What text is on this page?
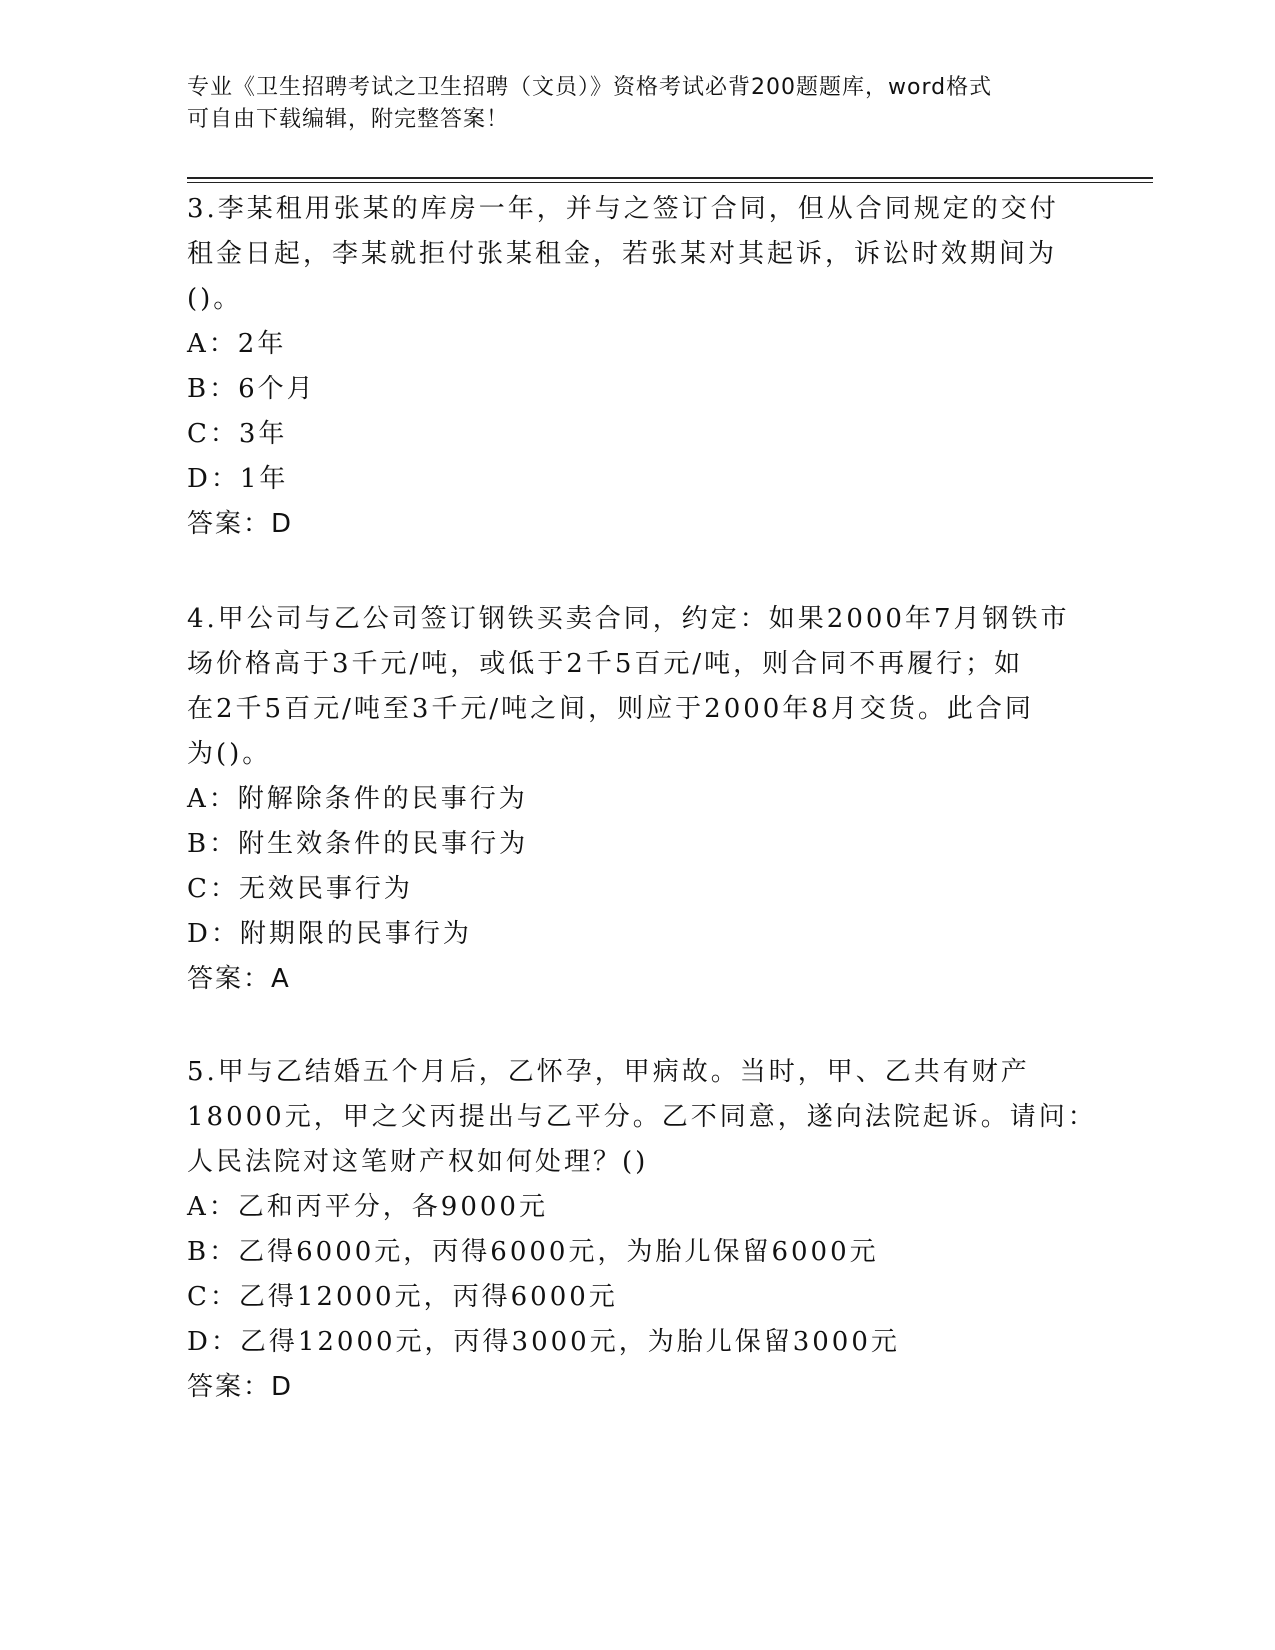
专业《卫生招聘考试之卫生招聘（文员）》资格考试必背200题题库，word格式
可自由下载编辑，附完整答案！
3.李某租用张某的库房一年，并与之签订合同，但从合同规定的交付
租金日起，李某就拒付张某租金，若张某对其起诉，诉讼时效期间为
()。
A：2年
B：6个月
C：3年
D：1年
答案：D
4.甲公司与乙公司签订钢铁买卖合同，约定：如果2000年7月钢铁市
场价格高于3千元/吨，或低于2千5百元/吨，则合同不再履行；如
在2千5百元/吨至3千元/吨之间，则应于2000年8月交货。此合同
为()。
A：附解除条件的民事行为
B：附生效条件的民事行为
C：无效民事行为
D：附期限的民事行为
答案：A
5.甲与乙结婚五个月后，乙怀孕，甲病故。当时，甲、乙共有财产
18000元，甲之父丙提出与乙平分。乙不同意，遂向法院起诉。请问：
人民法院对这笔财产权如何处理？()
A：乙和丙平分，各9000元
B：乙得6000元，丙得6000元，为胎儿保留6000元
C：乙得12000元，丙得6000元
D：乙得12000元，丙得3000元，为胎儿保留3000元
答案：D
